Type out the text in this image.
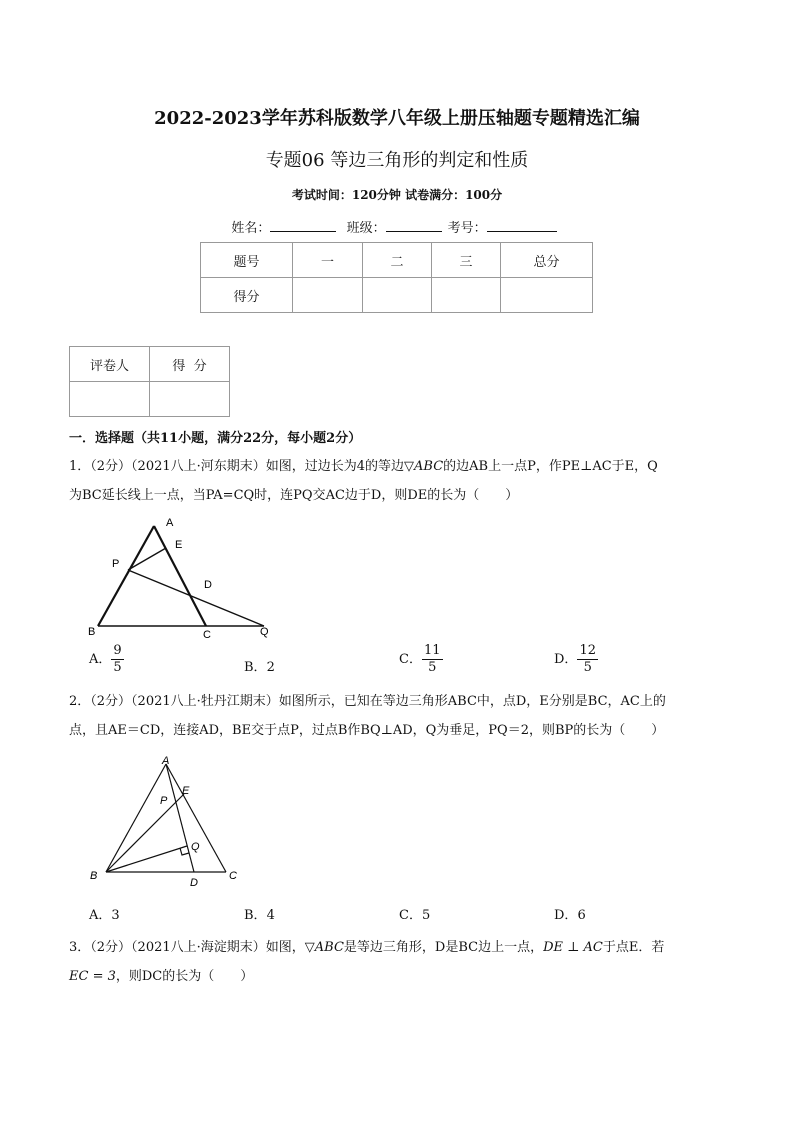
2022-2023学年苏科版数学八年级上册压轴题专题精选汇编
专题06 等边三角形的判定和性质
考试时间：120分钟 试卷满分：100分
姓名：	班级：	考号：
题号	一	二	三	总分
得分				
评卷人	得  分

一．选择题（共11小题，满分22分，每小题2分）
1．（2分）（2021八上·河东期末）如图，过边长为4的等边▽ABC的边AB上一点P，作PE⊥AC于E，Q
为BC延长线上一点，当PA=CQ时，连PQ交AC边于D，则DE的长为（　　）
A
E
P
D
B	C	Q
A． $\frac{9}{5}$	B．2
C． $\frac{11}{5}$	D． $\frac{12}{5}$
2．（2分）（2021八上·牡丹江期末）如图所示，已知在等边三角形ABC中，点D，E分别是BC，AC上的
点，且AE＝CD，连接AD，BE交于点P，过点B作BQ⊥AD，Q为垂足，PQ＝2，则BP的长为（　　）
A
E
P
Q
B
D
C
A．3	B．4	C．5	D．6
3．（2分）（2021八上·海淀期末）如图，▽ABC是等边三角形，D是BC边上一点，DE ⊥ AC于点E．若
EC = 3，则DC的长为（　　）
